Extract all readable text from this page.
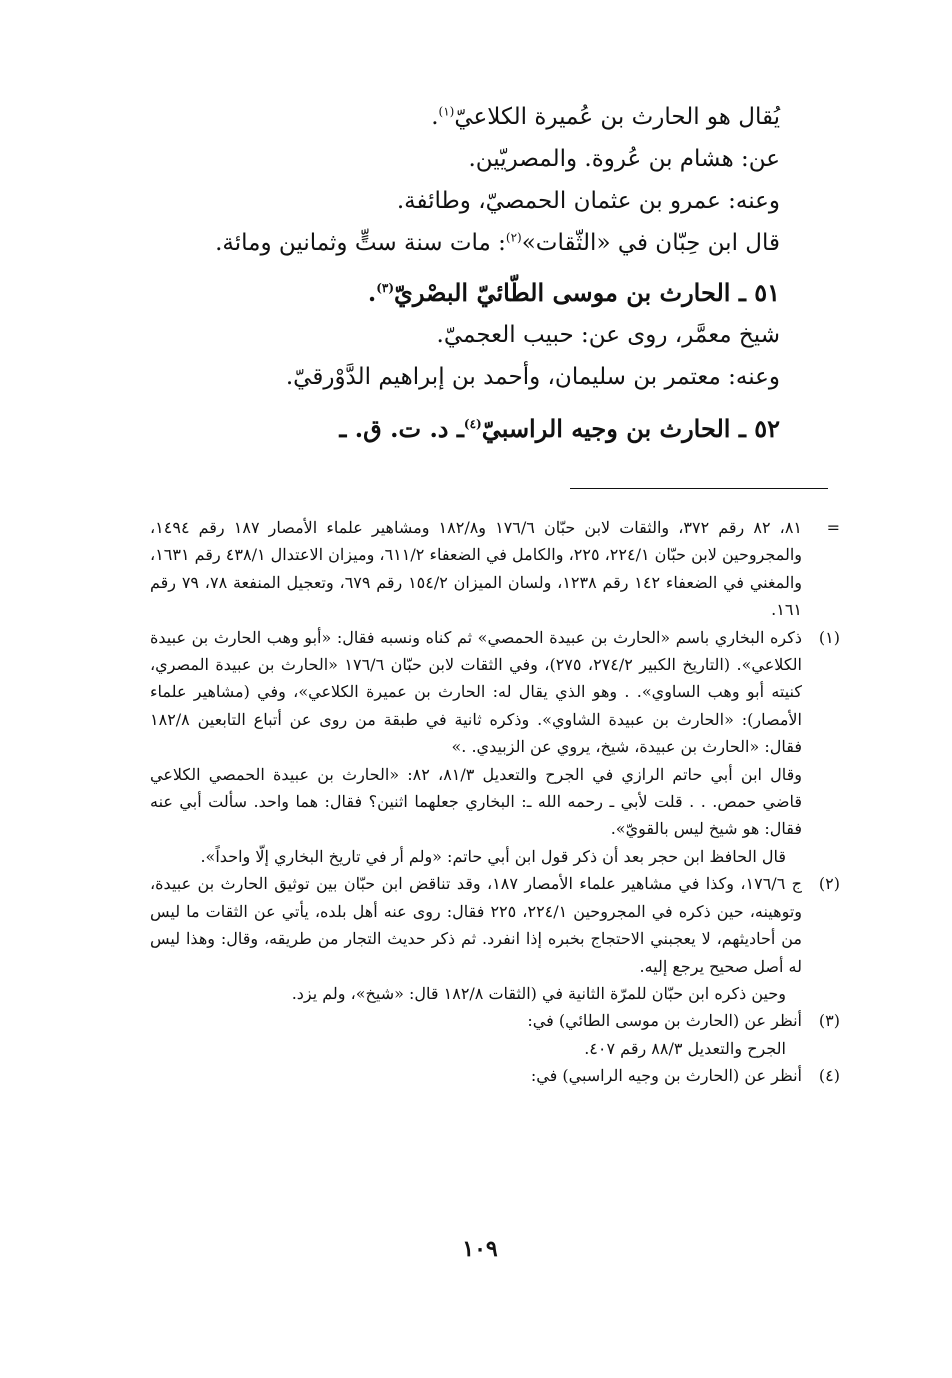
يُقال هو الحارث بن عُميرة الكلاعيّ$^{(١)}$.

عن: هشام بن عُروة. والمصريّين.

وعنه: عمرو بن عثمان الحمصيّ، وطائفة.

قال ابن حِبّان في «الثّقات»$^{(٢)}$: مات سنة ستٍّ وثمانين ومائة.

٥١ ـ الحارث بن موسى الطّائيّ البصْريّ$^{(٣)}$.

شيخ معمَّر، روى عن: حبيب العجميّ.

وعنه: معتمر بن سليمان، وأحمد بن إبراهيم الدَّوْرقيّ.

٥٢ ـ الحارث بن وجيه الراسبيّ$^{(٤)}$ـ د. ت. ق. ـ

=

٨١، ٨٢ رقم ٣٧٢، والثقات لابن حبّان ١٧٦/٦ و١٨٢/٨ ومشاهير علماء الأمصار ١٨٧ رقم ١٤٩٤، والمجروحين لابن حبّان ٢٢٤/١، ٢٢٥، والكامل في الضعفاء ٦١١/٢، وميزان الاعتدال ٤٣٨/١ رقم ١٦٣١، والمغني في الضعفاء ١٤٢ رقم ١٢٣٨، ولسان الميزان ١٥٤/٢ رقم ٦٧٩، وتعجيل المنفعة ٧٨، ٧٩ رقم ١٦١.

(١)

ذكره البخاري باسم «الحارث بن عبيدة الحمصي» ثم كناه ونسبه فقال: «أبو وهب الحارث بن عبيدة الكلاعي». (التاريخ الكبير ٢٧٤/٢، ٢٧٥)، وفي الثقات لابن حبّان ١٧٦/٦ «الحارث بن عبيدة المصري، كنيته أبو وهب الساوي». . وهو الذي يقال له: الحارث بن عميرة الكلاعي»، وفي (مشاهير علماء الأمصار): «الحارث بن عبيدة الشاوي». وذكره ثانية في طبقة من روى عن أتباع التابعين ١٨٢/٨ فقال: «الحارث بن عبيدة، شيخ، يروي عن الزبيدي. .»

وقال ابن أبي حاتم الرازي في الجرح والتعديل ٨١/٣، ٨٢: «الحارث بن عبيدة الحمصي الكلاعي قاضي حمص. . . قلت لأبي ـ رحمه الله ـ: البخاري جعلهما اثنين؟ فقال: هما واحد. سألت أبي عنه فقال: هو شيخ ليس بالقويّ».

قال الحافظ ابن حجر بعد أن ذكر قول ابن أبي حاتم: «ولم أر في تاريخ البخاري إلّا واحداً».

(٢)

ج ١٧٦/٦، وكذا في مشاهير علماء الأمصار ١٨٧، وقد تناقض ابن حبّان بين توثيق الحارث بن عبيدة، وتوهينه، حين ذكره في المجروحين ٢٢٤/١، ٢٢٥ فقال: روى عنه أهل بلده، يأتي عن الثقات ما ليس من أحاديثهم، لا يعجبني الاحتجاج بخبره إذا انفرد. ثم ذكر حديث التجار من طريقه، وقال: وهذا ليس له أصل صحيح يرجع إليه.

وحين ذكره ابن حبّان للمرّة الثانية في (الثقات ١٨٢/٨ قال: «شيخ»، ولم يزد.

(٣)

أنظر عن (الحارث بن موسى الطائي) في:

الجرح والتعديل ٨٨/٣ رقم ٤٠٧.

(٤)

أنظر عن (الحارث بن وجيه الراسبي) في:

١٠٩
